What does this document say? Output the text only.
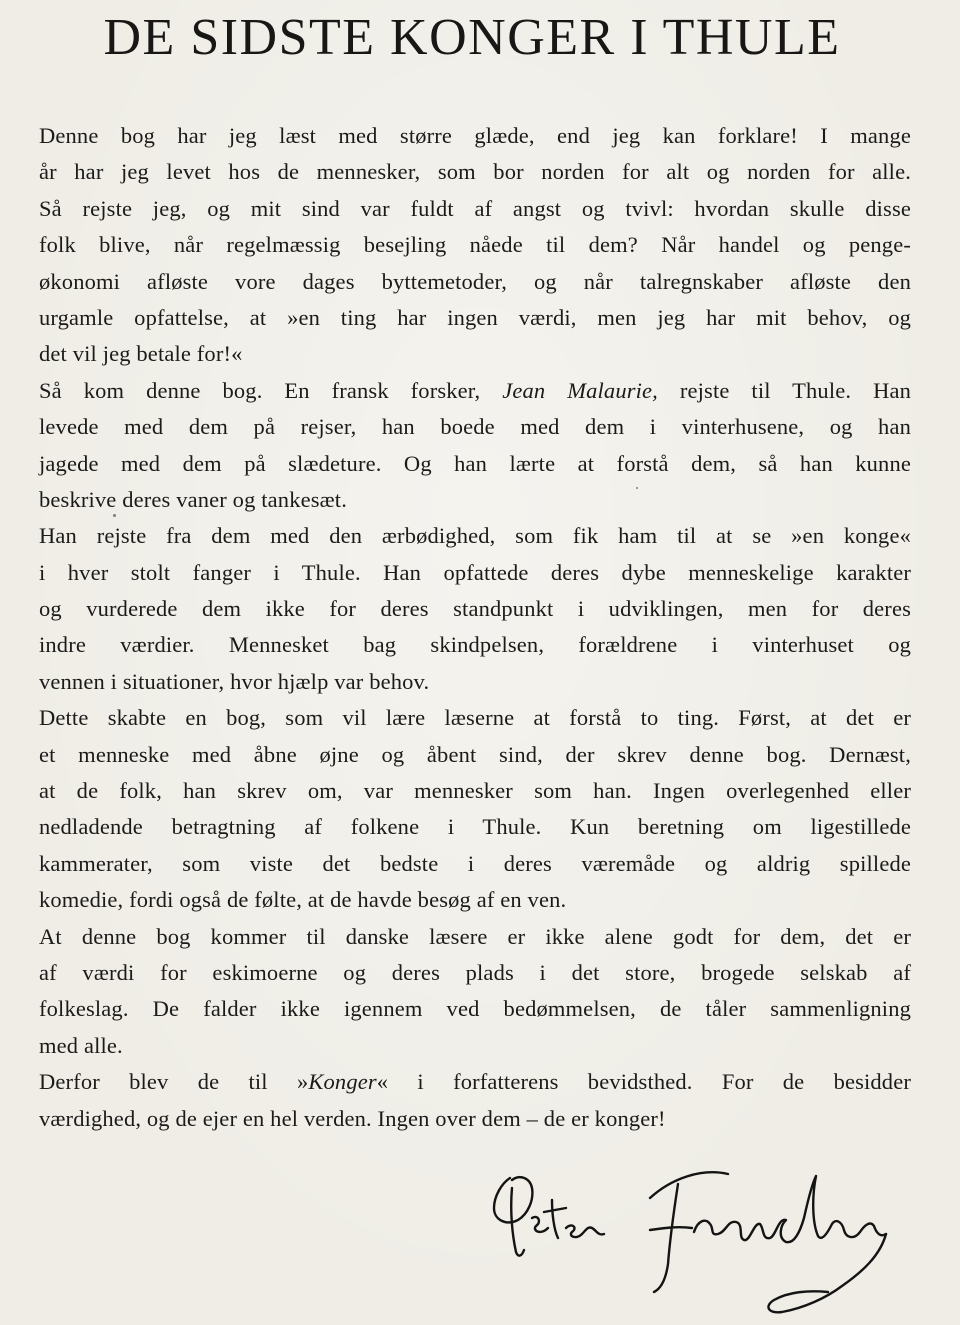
DE SIDSTE KONGER I THULE
Denne bog har jeg læst med større glæde, end jeg kan forklare! I mange
år har jeg levet hos de mennesker, som bor norden for alt og norden for alle.
Så rejste jeg, og mit sind var fuldt af angst og tvivl: hvordan skulle disse
folk blive, når regelmæssig besejling nåede til dem? Når handel og penge-
økonomi afløste vore dages byttemetoder, og når talregnskaber afløste den
urgamle opfattelse, at »en ting har ingen værdi, men jeg har mit behov, og
det vil jeg betale for!«
Så kom denne bog. En fransk forsker, Jean Malaurie, rejste til Thule. Han
levede med dem på rejser, han boede med dem i vinterhusene, og han
jagede med dem på slædeture. Og han lærte at forstå dem, så han kunne
beskrive deres vaner og tankesæt.
Han rejste fra dem med den ærbødighed, som fik ham til at se »en konge«
i hver stolt fanger i Thule. Han opfattede deres dybe menneskelige karakter
og vurderede dem ikke for deres standpunkt i udviklingen, men for deres
indre værdier. Mennesket bag skindpelsen, forældrene i vinterhuset og
vennen i situationer, hvor hjælp var behov.
Dette skabte en bog, som vil lære læserne at forstå to ting. Først, at det er
et menneske med åbne øjne og åbent sind, der skrev denne bog. Dernæst,
at de folk, han skrev om, var mennesker som han. Ingen overlegenhed eller
nedladende betragtning af folkene i Thule. Kun beretning om ligestillede
kammerater, som viste det bedste i deres væremåde og aldrig spillede
komedie, fordi også de følte, at de havde besøg af en ven.
At denne bog kommer til danske læsere er ikke alene godt for dem, det er
af værdi for eskimoerne og deres plads i det store, brogede selskab af
folkeslag. De falder ikke igennem ved bedømmelsen, de tåler sammenligning
med alle.
Derfor blev de til »Konger« i forfatterens bevidsthed. For de besidder
værdighed, og de ejer en hel verden. Ingen over dem – de er konger!
